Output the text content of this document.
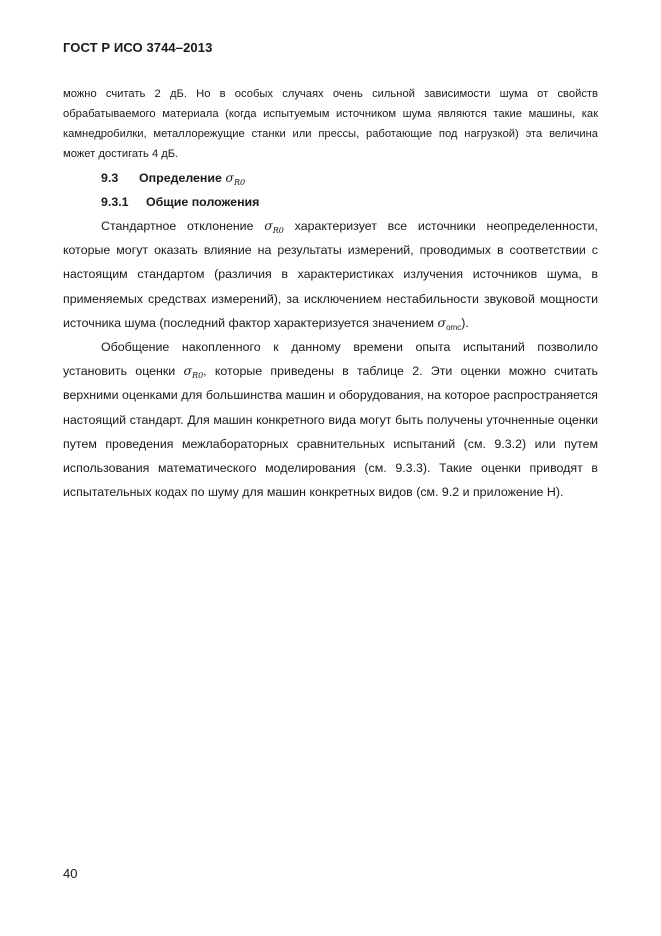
ГОСТ Р ИСО 3744–2013

можно считать 2 дБ. Но в особых случаях очень сильной зависимости шума от свойств обрабатываемого материала (когда испытуемым источником шума являются такие машины, как камнедробилки, металлорежущие станки или прессы, работающие под нагрузкой) эта величина может достигать 4 дБ.

9.3 Определение $\sigma_{R0}$

9.3.1 Общие положения

Стандартное отклонение $\sigma_{R0}$ характеризует все источники неопределенности, которые могут оказать влияние на результаты измерений, проводимых в соответствии с настоящим стандартом (различия в характеристиках излучения источников шума, в применяемых средствах измерений), за исключением нестабильности звуковой мощности источника шума (последний фактор характеризуется значением $\sigma_{omc}$).

Обобщение накопленного к данному времени опыта испытаний позволило установить оценки $\sigma_{R0}$, которые приведены в таблице 2. Эти оценки можно считать верхними оценками для большинства машин и оборудования, на которое распространяется настоящий стандарт. Для машин конкретного вида могут быть получены уточненные оценки путем проведения межлабораторных сравнительных испытаний (см. 9.3.2) или путем использования математического моделирования (см. 9.3.3). Такие оценки приводят в испытательных кодах по шуму для машин конкретных видов (см. 9.2 и приложение Н).

40
